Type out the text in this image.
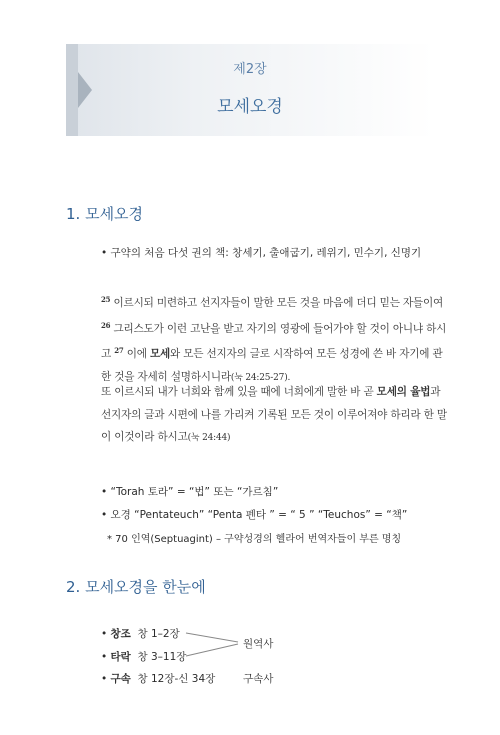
제2장
모세오경
1. 모세오경
• 구약의 처음 다섯 권의 책: 창세기, 출애굽기, 레위기, 민수기, 신명기
$^{25}$ 이르시되 미련하고 선지자들이 말한 모든 것을 마음에 더디 믿는 자들이여 $^{26}$ 그리스도가 이런 고난을 받고 자기의 영광에 들어가야 할 것이 아니냐 하시고 $^{27}$ 이에 모세와 모든 선지자의 글로 시작하여 모든 성경에 쓴 바 자기에 관한 것을 자세히 설명하시니라(눅 24:25-27).
또 이르시되 내가 너희와 함께 있을 때에 너희에게 말한 바 곧 모세의 율법과 선지자의 글과 시편에 나를 가리켜 기록된 모든 것이 이루어져야 하리라 한 말이 이것이라 하시고(눅 24:44)
• “Torah 토라” = “법” 또는 “가르침”
• 오경 “Pentateuch” “Penta 펜타 ” = “ 5 ” “Teuchos” = “책”
* 70 인역(Septuagint) – 구약성경의 헬라어 번역자들이 부른 명칭
2. 모세오경을 한눈에
• 창조 창 1–2장
• 타락 창 3–11장
• 구속 창 12장-신 34장
원역사
구속사
